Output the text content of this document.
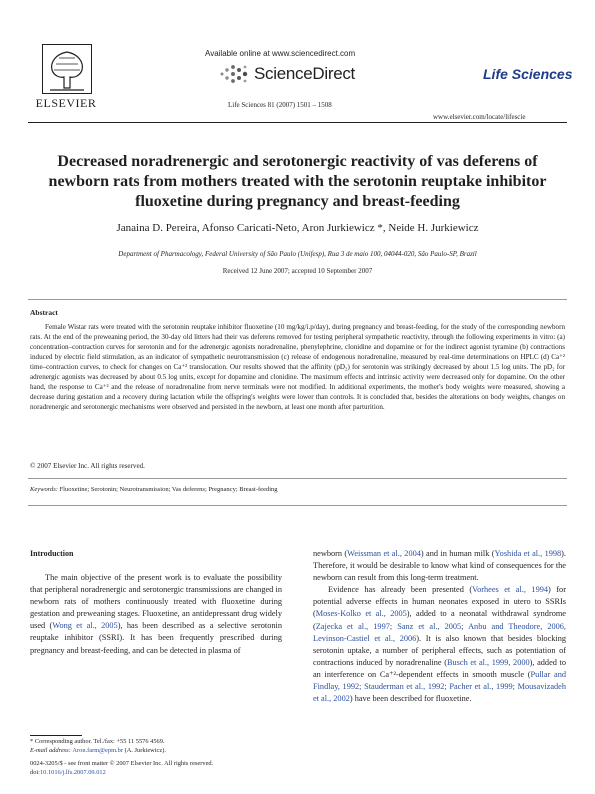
Available online at www.sciencedirect.com
ScienceDirect
Life Sciences 81 (2007) 1501 – 1508
ELSEVIER
Life Sciences
www.elsevier.com/locate/lifescie
Decreased noradrenergic and serotonergic reactivity of vas deferens of newborn rats from mothers treated with the serotonin reuptake inhibitor fluoxetine during pregnancy and breast-feeding
Janaina D. Pereira, Afonso Caricati-Neto, Aron Jurkiewicz *, Neide H. Jurkiewicz
Department of Pharmacology, Federal University of São Paulo (Unifesp), Rua 3 de maio 100, 04044-020, São Paulo-SP, Brazil
Received 12 June 2007; accepted 10 September 2007
Abstract

Female Wistar rats were treated with the serotonin reuptake inhibitor fluoxetine (10 mg/kg/i.p/day), during pregnancy and breast-feeding, for the study of the corresponding newborn rats. At the end of the preweaning period, the 30-day old litters had their vas deferens removed for testing peripheral sympathetic reactivity, through the following experiments in vitro: (a) concentration–contraction curves for serotonin and for the adrenergic agonists noradrenaline, phenylephrine, clonidine and dopamine or for the indirect agonist tyramine (b) contractions induced by electric field stimulation, as an indicator of sympathetic neurotransmission (c) release of endogenous noradrenaline, measured by real-time determinations on HPLC (d) Ca⁺² time–contraction curves, to check for changes on Ca⁺² translocation. Our results showed that the affinity (pD₂) for serotonin was strikingly decreased by about 1.5 log units. The pD₂ for adrenergic agonists was decreased by about 0.5 log units, except for dopamine and clonidine. The maximum effects and intrinsic activity were decreased only for dopamine. On the other hand, the response to Ca⁺² and the release of noradrenaline from nerve terminals were not modified. In additional experiments, the mother's body weights were measured, showing a decrease during gestation and a recovery during lactation while the offspring's weights were lower than controls. It is concluded that, besides the alterations on body weights, changes on noradrenergic and serotonergic mechanisms were observed and persisted in the newborn, at least one month after parturition.

© 2007 Elsevier Inc. All rights reserved.
Keywords: Fluoxetine; Serotonin; Neurotransmission; Vas deferens; Pregnancy; Breast-feeding
Introduction

The main objective of the present work is to evaluate the possibility that peripheral noradrenergic and serotonergic transmissions are changed in newborn rats of mothers continuously treated with fluoxetine during gestation and preweaning stages. Fluoxetine, an antidepressant drug widely used (Wong et al., 2005), has been described as a selective serotonin reuptake inhibitor (SSRI). It has been frequently prescribed during pregnancy and breast-feeding, and can be detected in plasma of

newborn (Weissman et al., 2004) and in human milk (Yoshida et al., 1998). Therefore, it would be desirable to know what kind of consequences for the newborn can result from this long-term treatment.

Evidence has already been presented (Vorhees et al., 1994) for potential adverse effects in human neonates exposed in utero to SSRIs (Moses-Kolko et al., 2005), added to a neonatal withdrawal syndrome (Zajecka et al., 1997; Sanz et al., 2005; Anbu and Theodore, 2006, Levinson-Castiel et al., 2006). It is also known that besides blocking serotonin uptake, a number of peripheral effects, such as potentiation of contractions induced by noradrenaline (Busch et al., 1999, 2000), added to an interference on Ca⁺²-dependent effects in smooth muscle (Pullar and Findlay, 1992; Stauderman et al., 1992; Pacher et al., 1999; Mousavizadeh et al., 2002) have been described for fluoxetine.

* Corresponding author. Tel./fax: +55 11 5576 4569.
E-mail address: Aron.farm@epm.br (A. Jurkiewicz).
0024-3205/$ - see front matter © 2007 Elsevier Inc. All rights reserved.
doi:10.1016/j.lfs.2007.09.012
